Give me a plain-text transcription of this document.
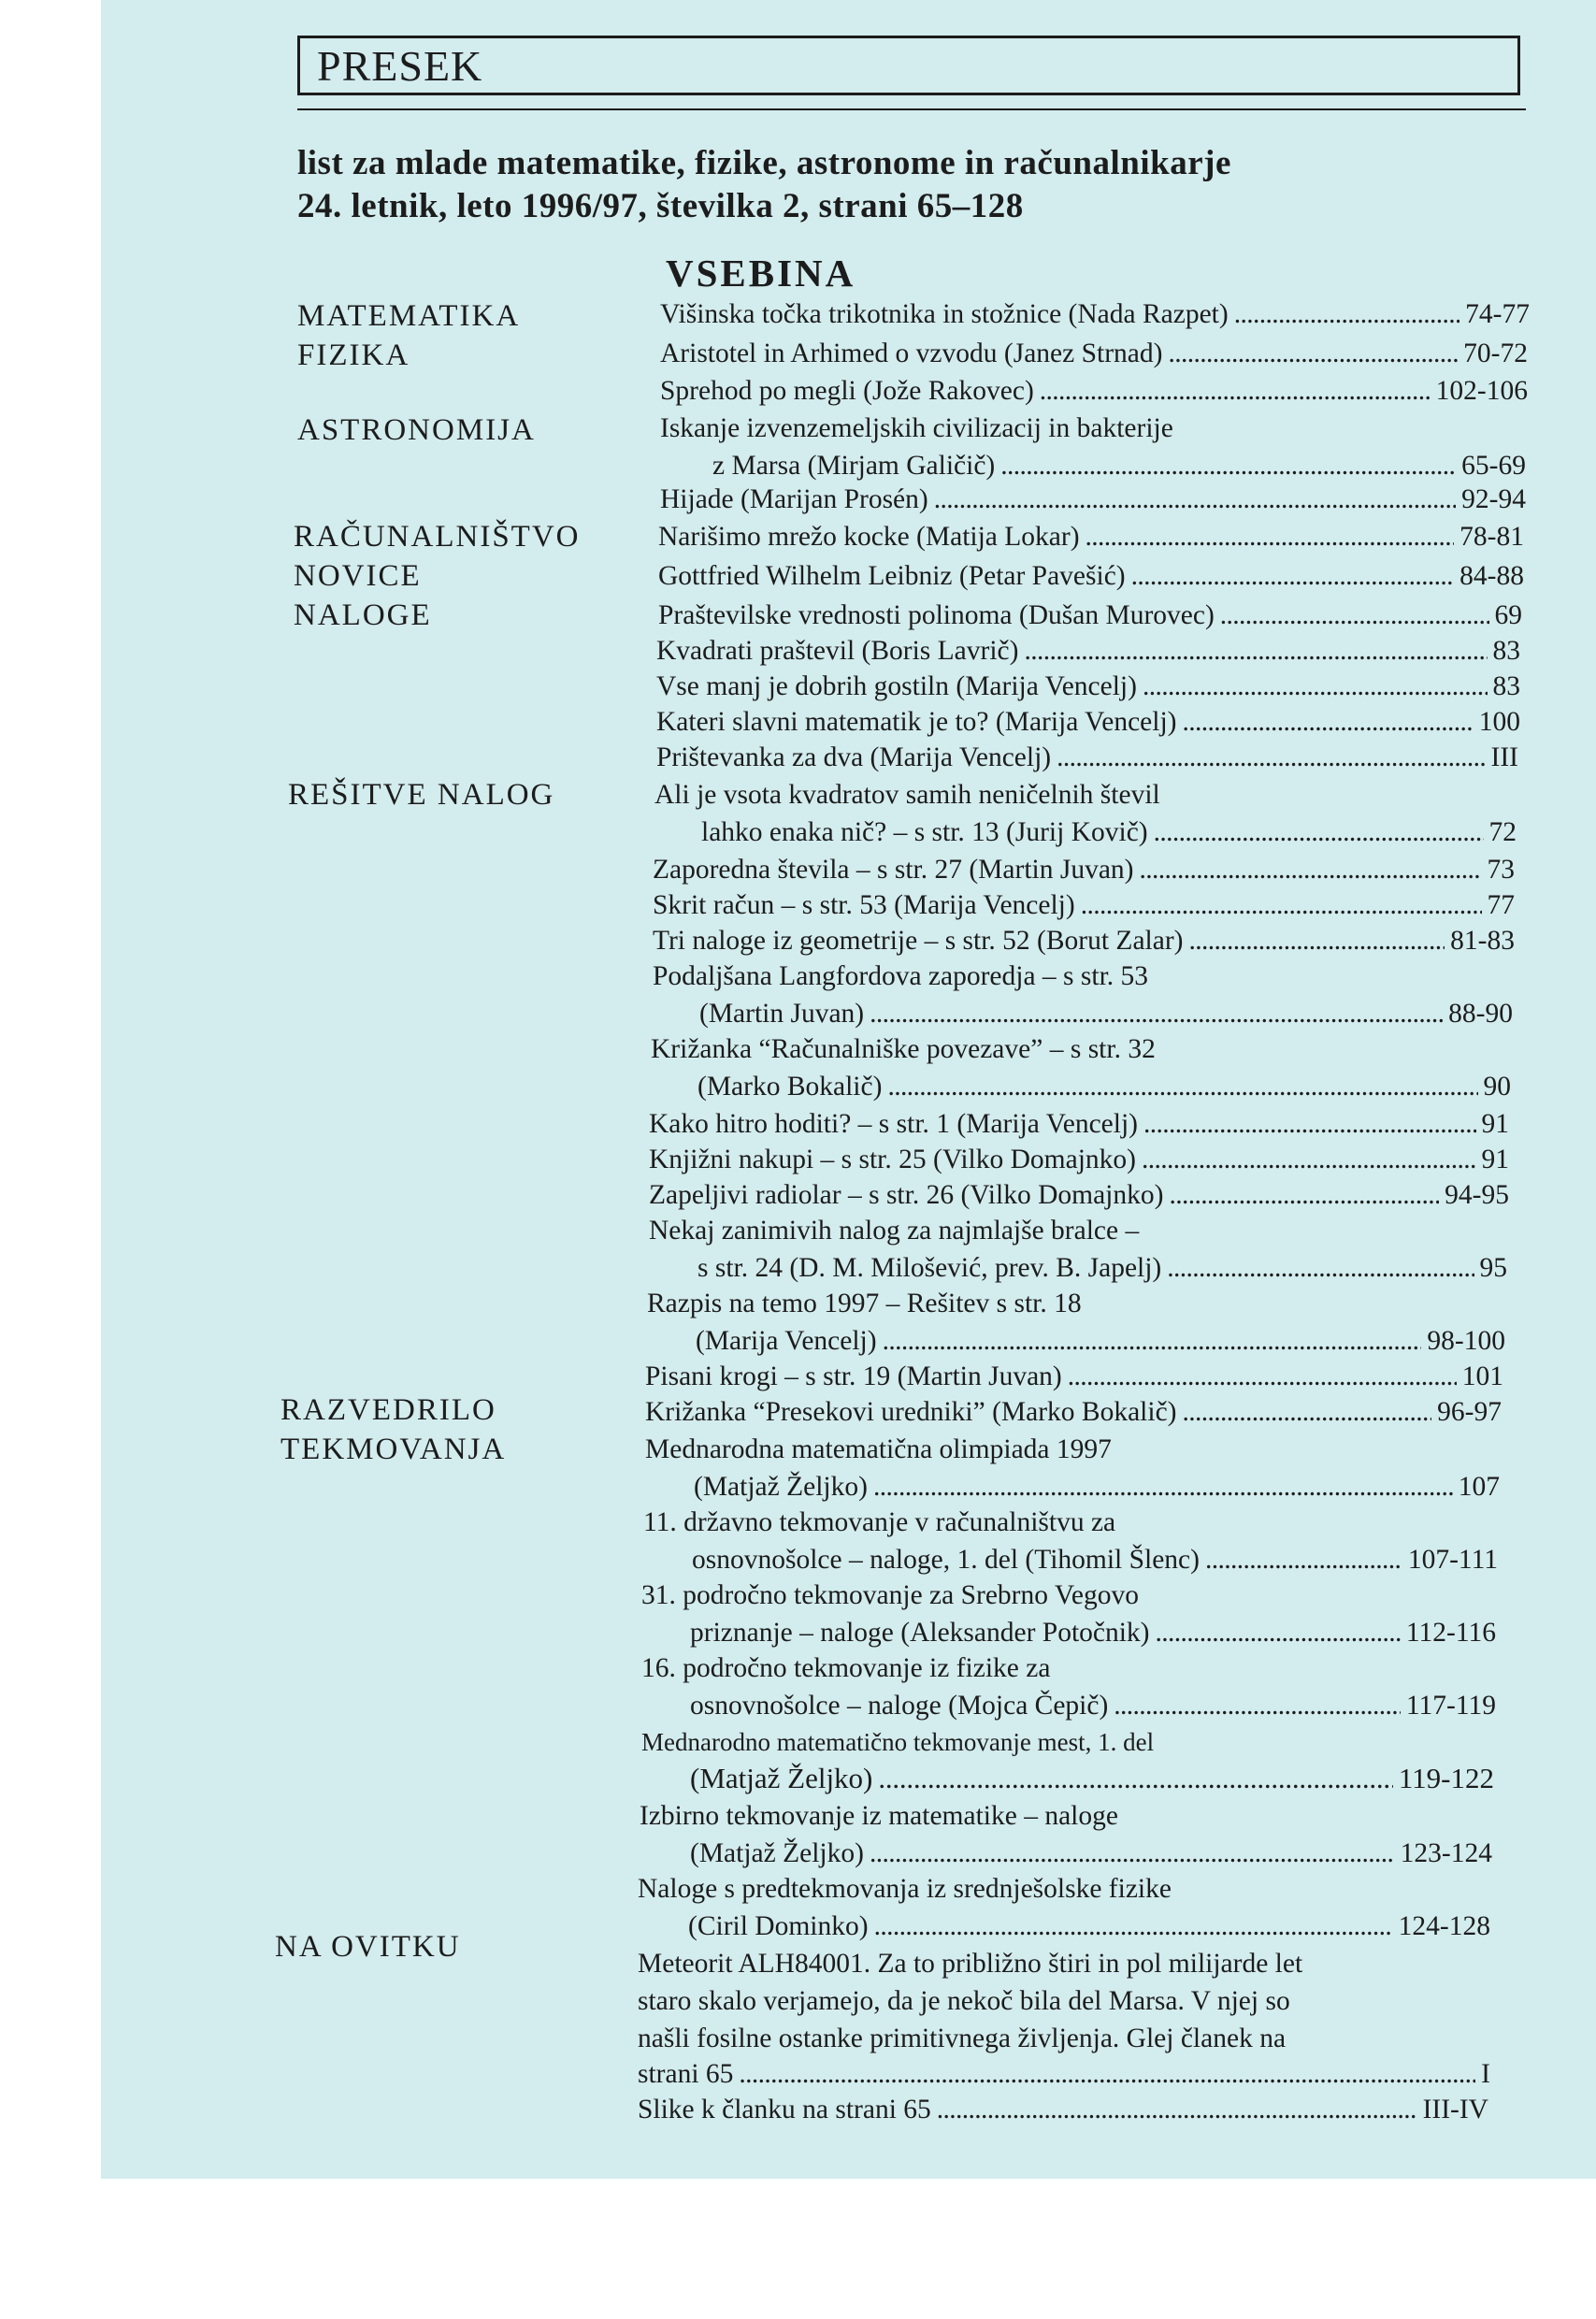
PRESEK
list za mlade matematike, fizike, astronome in računalnikarje
24. letnik, leto 1996/97, številka 2, strani 65–128
VSEBINA
MATEMATIKA
FIZIKA
ASTRONOMIJA
RAČUNALNIŠTVO
NOVICE
NALOGE
REŠITVE NALOG
RAZVEDRILO
TEKMOVANJA
NA OVITKU
Višinska točka trikotnika in stožnice (Nada Razpet) . . .	74-77
Aristotel in Arhimed o vzvodu (Janez Strnad) . . .	70-72
Sprehod po megli (Jože Rakovec) . . .	102-106
Iskanje izvenzemeljskih civilizacij in bakterije
z Marsa (Mirjam Galičič) . . .	65-69
Hijade (Marijan Prosén) . . .	92-94
Narišimo mrežo kocke (Matija Lokar) . . .	78-81
Gottfried Wilhelm Leibniz (Petar Pavešić) . . .	84-88
Praštevilske vrednosti polinoma (Dušan Murovec) . . .	69
Kvadrati praštevil (Boris Lavrič) . . .	83
Vse manj je dobrih gostiln (Marija Vencelj) . . .	83
Kateri slavni matematik je to? (Marija Vencelj) . . .	100
Prištevanka za dva (Marija Vencelj) . . .	III
Ali je vsota kvadratov samih neničelnih števil
lahko enaka nič? – s str. 13 (Jurij Kovič) . . .	72
Zaporedna števila – s str. 27 (Martin Juvan) . . .	73
Skrit račun – s str. 53 (Marija Vencelj) . . .	77
Tri naloge iz geometrije – s str. 52 (Borut Zalar) . . .	81-83
Podaljšana Langfordova zaporedja – s str. 53
(Martin Juvan) . . .	88-90
Križanka “Računalniške povezave” – s str. 32
(Marko Bokalič) . . .	90
Kako hitro hoditi? – s str. 1 (Marija Vencelj) . . .	91
Knjižni nakupi – s str. 25 (Vilko Domajnko) . . .	91
Zapeljivi radiolar – s str. 26 (Vilko Domajnko) . . .	94-95
Nekaj zanimivih nalog za najmlajše bralce –
s str. 24 (D. M. Milošević, prev. B. Japelj) . . .	95
Razpis na temo 1997 – Rešitev s str. 18
(Marija Vencelj) . . .	98-100
Pisani krogi – s str. 19 (Martin Juvan) . . .	101
Križanka “Presekovi uredniki” (Marko Bokalič) . . .	96-97
Mednarodna matematična olimpiada 1997
(Matjaž Željko) . . .	107
11. državno tekmovanje v računalništvu za
osnovnošolce – naloge, 1. del (Tihomil Šlenc) . . .	107-111
31. področno tekmovanje za Srebrno Vegovo
priznanje – naloge (Aleksander Potočnik) . . .	112-116
16. področno tekmovanje iz fizike za
osnovnošolce – naloge (Mojca Čepič) . . .	117-119
Mednarodno matematično tekmovanje mest, 1. del
(Matjaž Željko) . . .	119-122
Izbirno tekmovanje iz matematike – naloge
(Matjaž Željko) . . .	123-124
Naloge s predtekmovanja iz srednješolske fizike
(Ciril Dominko) . . .	124-128
Meteorit ALH84001. Za to približno štiri in pol milijarde let
staro skalo verjamejo, da je nekoč bila del Marsa. V njej so
našli fosilne ostanke primitivnega življenja. Glej članek na
strani 65 . . .	I
Slike k članku na strani 65 . . .	III-IV
